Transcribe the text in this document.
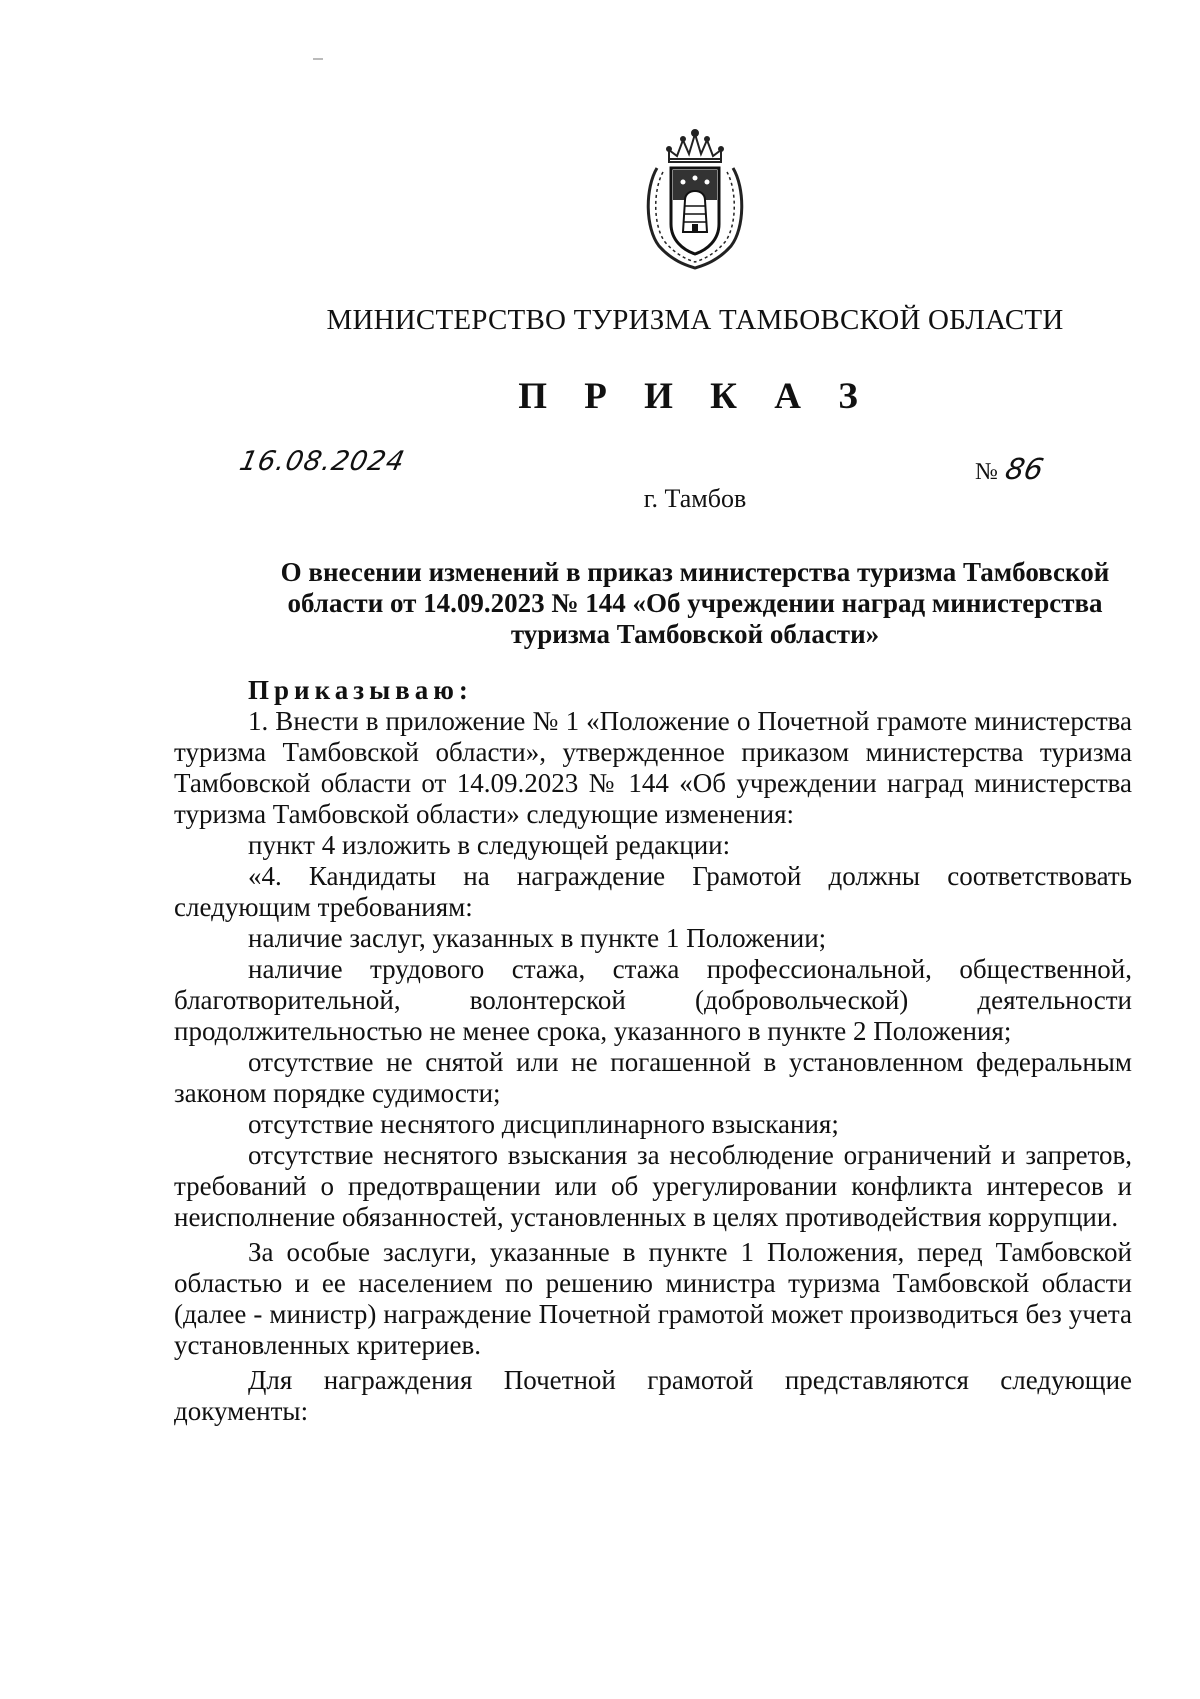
МИНИСТЕРСТВО ТУРИЗМА ТАМБОВСКОЙ ОБЛАСТИ
П Р И К А З
16.08.2024	№ 86
г. Тамбов
О внесении изменений в приказ министерства туризма Тамбовской области от 14.09.2023 № 144 «Об учреждении наград министерства туризма Тамбовской области»

Приказываю:

1. Внести в приложение № 1 «Положение о Почетной грамоте министерства туризма Тамбовской области», утвержденное приказом министерства туризма Тамбовской области от 14.09.2023 № 144 «Об учреждении наград министерства туризма Тамбовской области» следующие изменения:

пункт 4 изложить в следующей редакции:

«4. Кандидаты на награждение Грамотой должны соответствовать следующим требованиям:

наличие заслуг, указанных в пункте 1 Положении;

наличие трудового стажа, стажа профессиональной, общественной, благотворительной, волонтерской (добровольческой) деятельности продолжительностью не менее срока, указанного в пункте 2 Положения;

отсутствие не снятой или не погашенной в установленном федеральным законом порядке судимости;

отсутствие неснятого дисциплинарного взыскания;

отсутствие неснятого взыскания за несоблюдение ограничений и запретов, требований о предотвращении или об урегулировании конфликта интересов и неисполнение обязанностей, установленных в целях противодействия коррупции.

За особые заслуги, указанные в пункте 1 Положения, перед Тамбовской областью и ее населением по решению министра туризма Тамбовской области (далее - министр) награждение Почетной грамотой может производиться без учета установленных критериев.

Для награждения Почетной грамотой представляются следующие документы:
